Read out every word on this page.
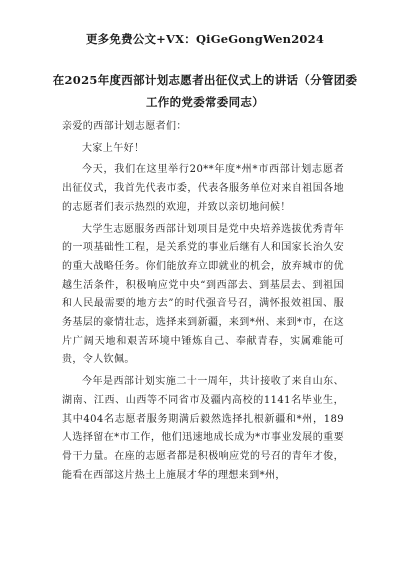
更多免费公文+VX：QiGeGongWen2024
在2025年度西部计划志愿者出征仪式上的讲话（分管团委
工作的党委常委同志）

亲爱的西部计划志愿者们：

大家上午好！

今天，我们在这里举行20**年度*州*市西部计划志愿者出征仪式，我首先代表市委，代表各服务单位对来自祖国各地的志愿者们表示热烈的欢迎，并致以亲切地问候！

大学生志愿服务西部计划项目是党中央培养选拔优秀青年的一项基础性工程，是关系党的事业后继有人和国家长治久安的重大战略任务。你们能放弃立即就业的机会，放弃城市的优越生活条件，积极响应党中央“到西部去、到基层去、到祖国和人民最需要的地方去”的时代强音号召，满怀报效祖国、服务基层的豪情壮志，选择来到新疆，来到*州、来到*市，在这片广阔天地和艰苦环境中锤炼自己、奉献青春，实属难能可贵，令人钦佩。

今年是西部计划实施二十一周年，共计接收了来自山东、湖南、江西、山西等不同省市及疆内高校的1141名毕业生，其中404名志愿者服务期满后毅然选择扎根新疆和*州，189人选择留在*市工作，他们迅速地成长成为*市事业发展的重要骨干力量。在座的志愿者都是积极响应党的号召的青年才俊，能看在西部这片热土上施展才华的理想来到*州，
